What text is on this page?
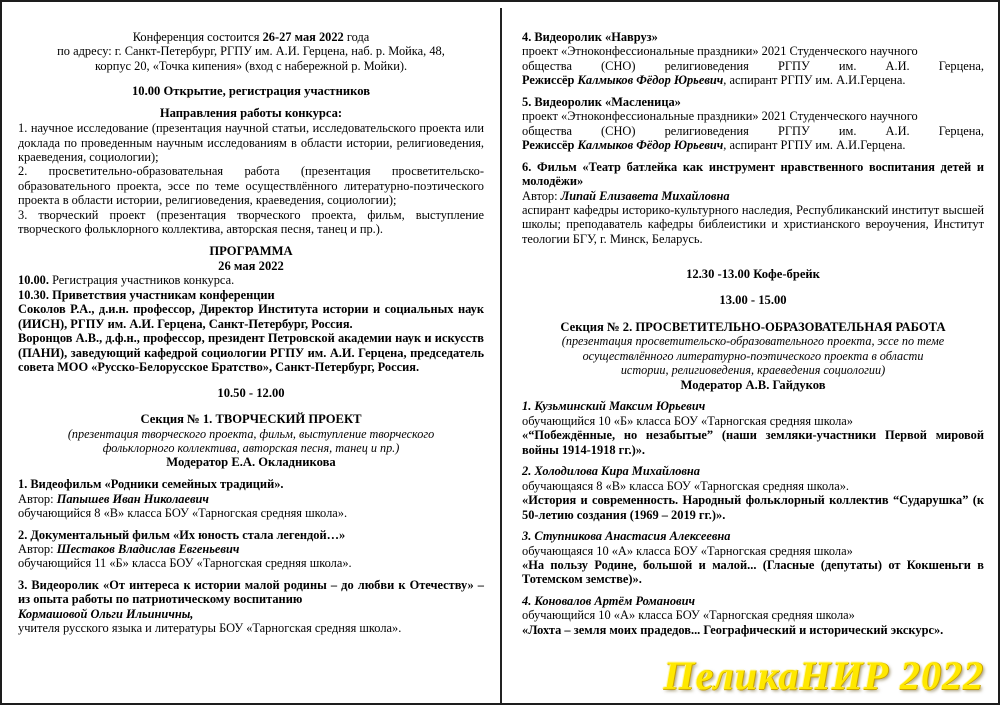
Конференция состоится 26-27 мая 2022 года

по адресу: г. Санкт-Петербург, РГПУ им. А.И. Герцена, наб. р. Мойка, 48,

корпус 20, «Точка кипения» (вход с набережной р. Мойки).

10.00 Открытие, регистрация участников

Направления работы конкурса:

1. научное исследование (презентация научной статьи, исследовательского проекта или доклада по проведенным научным исследованиям в области истории, религиоведения, краеведения, социологии);

2. просветительно-образовательная работа (презентация просветительско-образовательного проекта, эссе по теме осуществлённого литературно-поэтического проекта в области истории, религиоведения, краеведения, социологии);

3. творческий проект (презентация творческого проекта, фильм, выступление творческого фольклорного коллектива, авторская песня, танец и пр.).

ПРОГРАММА

26 мая 2022

10.00. Регистрация участников конкурса.

10.30. Приветствия участникам конференции

Соколов Р.А., д.и.н. профессор, Директор Института истории и социальных наук (ИИСН), РГПУ им. А.И. Герцена, Санкт-Петербург, Россия.

Воронцов А.В., д.ф.н., профессор, президент Петровской академии наук и искусств (ПАНИ), заведующий кафедрой социологии РГПУ им. А.И. Герцена, председатель совета МОО «Русско-Белорусское Братство», Санкт-Петербург, Россия.

10.50 - 12.00

Секция № 1. ТВОРЧЕСКИЙ ПРОЕКТ

(презентация творческого проекта, фильм, выступление творческого

фольклорного коллектива, авторская песня, танец и пр.)

Модератор Е.А. Окладникова

1. Видеофильм «Родники семейных традиций».

Автор: Папышев Иван Николаевич

обучающийся 8 «В» класса БОУ «Тарногская средняя школа».

2. Документальный фильм «Их юность стала легендой…»

Автор: Шестаков Владислав Евгеньевич

обучающийся 11 «Б» класса БОУ «Тарногская средняя школа».

3. Видеоролик «От интереса к истории малой родины – до любви к Отечеству» – из опыта работы по патриотическому воспитанию

Кормашовой Ольги Ильиничны,

учителя русского языка и литературы БОУ «Тарногская средняя школа».

4. Видеоролик «Навруз»

проект «Этноконфессиональные праздники» 2021 Студенческого научного

общества (СНО) религиоведения РГПУ им. А.И. Герцена,

Режиссёр Калмыков Фёдор Юрьевич, аспирант РГПУ им. А.И.Герцена.

5. Видеоролик «Масленица»

проект «Этноконфессиональные праздники» 2021 Студенческого научного

общества (СНО) религиоведения РГПУ им. А.И. Герцена,

Режиссёр Калмыков Фёдор Юрьевич, аспирант РГПУ им. А.И.Герцена.

6. Фильм «Театр батлейка как инструмент нравственного воспитания детей и молодёжи»

Автор: Липай Елизавета Михайловна

аспирант кафедры историко-культурного наследия, Республиканский институт высшей школы; преподаватель кафедры библеистики и христианского вероучения, Институт теологии БГУ, г. Минск, Беларусь.

12.30 -13.00 Кофе-брейк

13.00 - 15.00

Секция № 2. ПРОСВЕТИТЕЛЬНО-ОБРАЗОВАТЕЛЬНАЯ РАБОТА

(презентация просветительско-образовательного проекта, эссе по теме

осуществлённого литературно-поэтического проекта в области

истории, религиоведения, краеведения социологии)

Модератор А.В. Гайдуков

1. Кузьминский Максим Юрьевич

обучающийся 10 «Б» класса БОУ «Тарногская средняя школа»

«“Побеждённые, но незабытые” (наши земляки-участники Первой мировой войны 1914-1918 гг.)».

2. Холодилова Кира Михайловна

обучающаяся 8 «В» класса БОУ «Тарногская средняя школа».

«История и современность. Народный фольклорный коллектив “Сударушка” (к 50-летию создания (1969 – 2019 гг.)».

3. Ступникова Анастасия Алексеевна

обучающаяся 10 «А» класса БОУ «Тарногская средняя школа»

«На пользу Родине, большой и малой... (Гласные (депутаты) от Кокшеньги в Тотемском земстве)».

4. Коновалов Артём Романович

обучающийся 10 «А» класса БОУ «Тарногская средняя школа»

«Лохта – земля моих прадедов... Географический и исторический экскурс».

ПеликаНИР 2022
